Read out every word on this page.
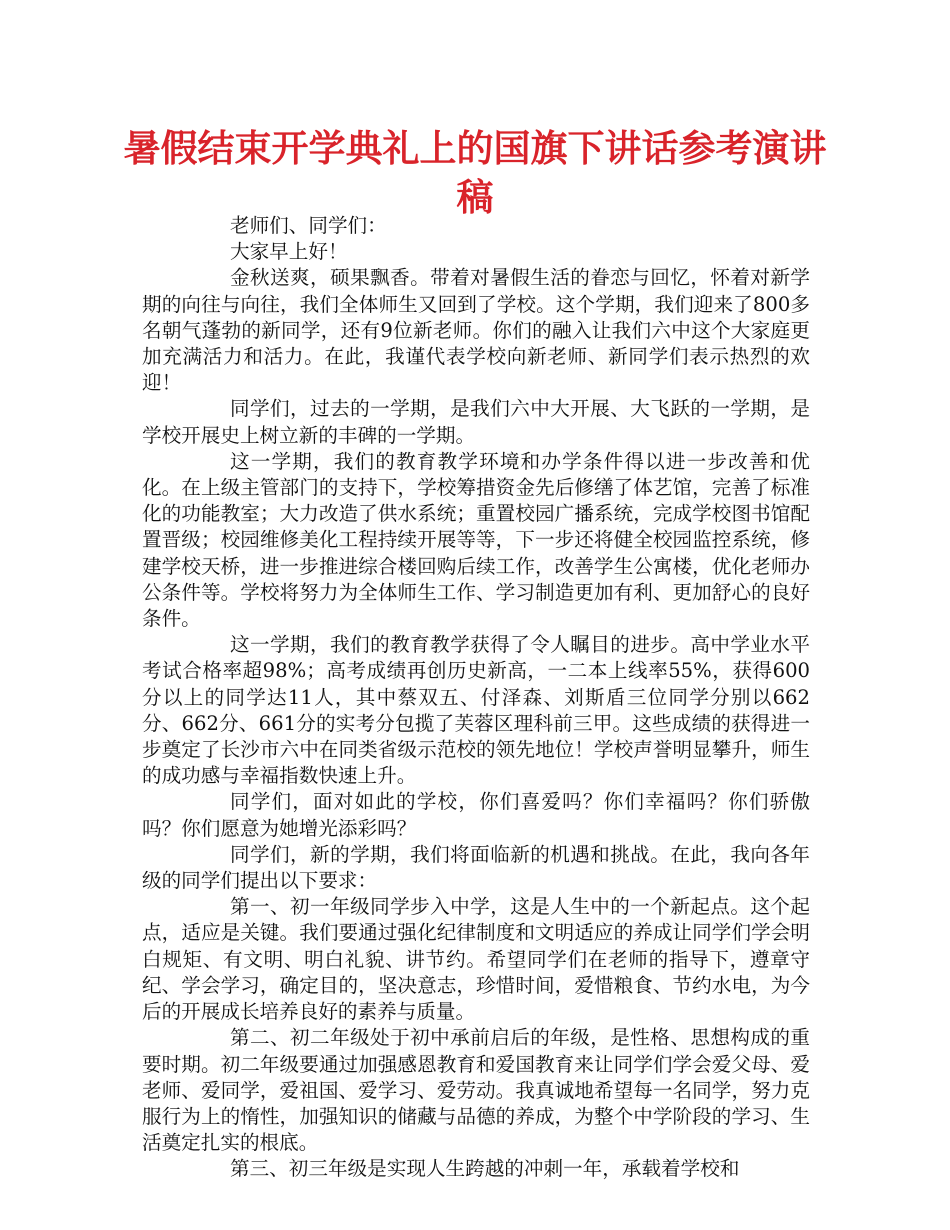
暑假结束开学典礼上的国旗下讲话参考演讲稿

老师们、同学们：

大家早上好！

金秋送爽，硕果飘香。带着对暑假生活的眷恋与回忆，怀着对新学期的向往与向往，我们全体师生又回到了学校。这个学期，我们迎来了800多名朝气蓬勃的新同学，还有9位新老师。你们的融入让我们六中这个大家庭更加充满活力和活力。在此，我谨代表学校向新老师、新同学们表示热烈的欢迎！

同学们，过去的一学期，是我们六中大开展、大飞跃的一学期，是学校开展史上树立新的丰碑的一学期。

这一学期，我们的教育教学环境和办学条件得以进一步改善和优化。在上级主管部门的支持下，学校筹措资金先后修缮了体艺馆，完善了标准化的功能教室；大力改造了供水系统；重置校园广播系统，完成学校图书馆配置晋级；校园维修美化工程持续开展等等，下一步还将健全校园监控系统，修建学校天桥，进一步推进综合楼回购后续工作，改善学生公寓楼，优化老师办公条件等。学校将努力为全体师生工作、学习制造更加有利、更加舒心的良好条件。

这一学期，我们的教育教学获得了令人瞩目的进步。高中学业水平考试合格率超98%；高考成绩再创历史新高，一二本上线率55%，获得600分以上的同学达11人，其中蔡双五、付泽森、刘斯盾三位同学分别以662分、662分、661分的实考分包揽了芙蓉区理科前三甲。这些成绩的获得进一步奠定了长沙市六中在同类省级示范校的领先地位！学校声誉明显攀升，师生的成功感与幸福指数快速上升。

同学们，面对如此的学校，你们喜爱吗？你们幸福吗？你们骄傲吗？你们愿意为她增光添彩吗？

同学们，新的学期，我们将面临新的机遇和挑战。在此，我向各年级的同学们提出以下要求：

第一、初一年级同学步入中学，这是人生中的一个新起点。这个起点，适应是关键。我们要通过强化纪律制度和文明适应的养成让同学们学会明白规矩、有文明、明白礼貌、讲节约。希望同学们在老师的指导下，遵章守纪、学会学习，确定目的，坚决意志，珍惜时间，爱惜粮食、节约水电，为今后的开展成长培养良好的素养与质量。

第二、初二年级处于初中承前启后的年级，是性格、思想构成的重要时期。初二年级要通过加强感恩教育和爱国教育来让同学们学会爱父母、爱老师、爱同学，爱祖国、爱学习、爱劳动。我真诚地希望每一名同学，努力克服行为上的惰性，加强知识的储藏与品德的养成，为整个中学阶段的学习、生活奠定扎实的根底。

第三、初三年级是实现人生跨越的冲刺一年，承载着学校和
